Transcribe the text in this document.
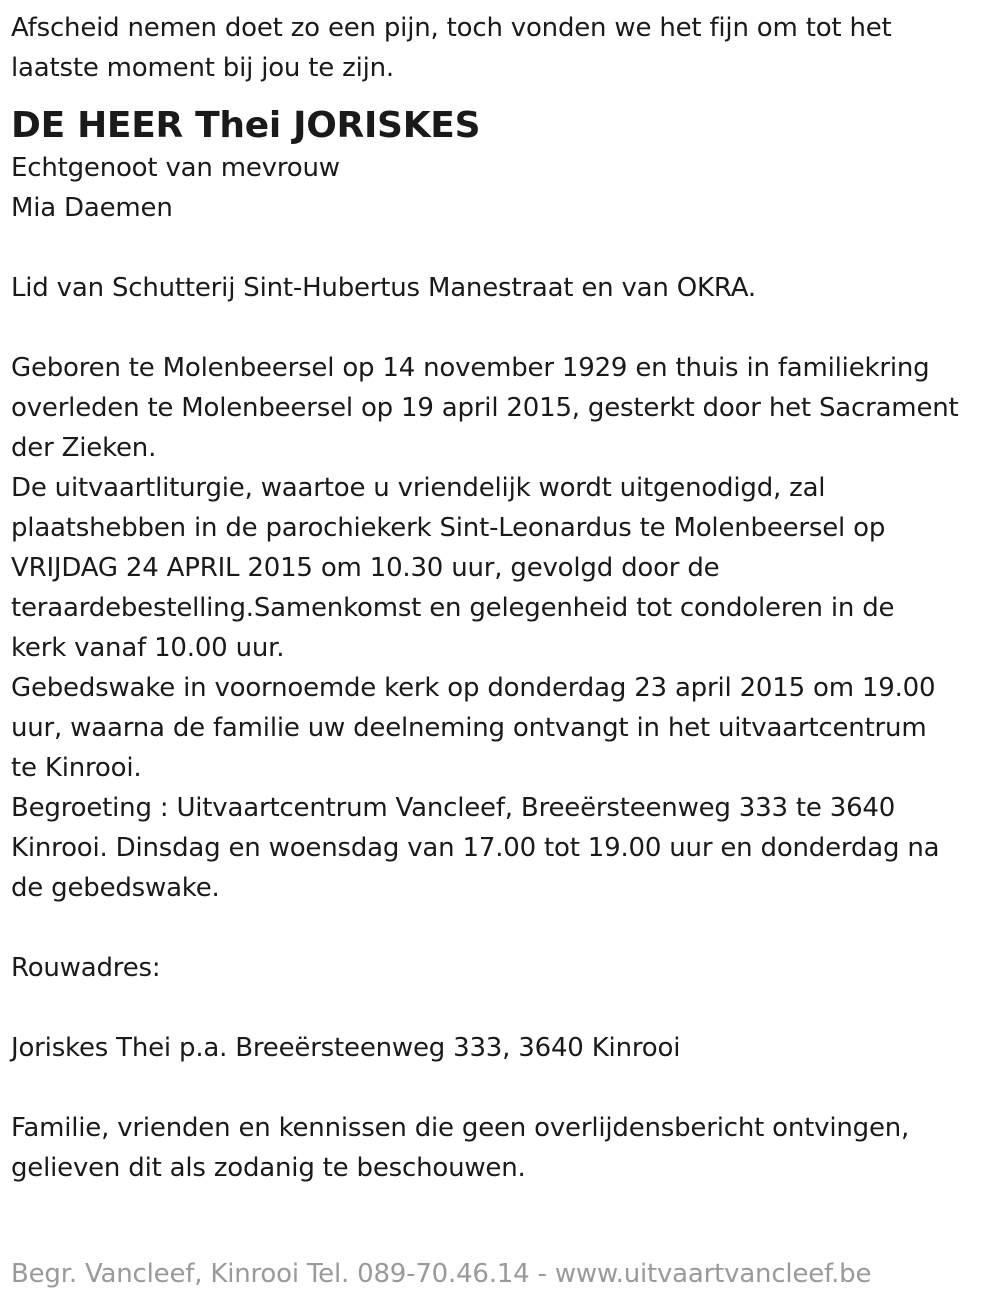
Afscheid nemen doet zo een pijn, toch vonden we het fijn om tot het

laatste moment bij jou te zijn.

DE HEER Thei JORISKES

Echtgenoot van mevrouw

Mia Daemen

Lid van Schutterij Sint-Hubertus Manestraat en van OKRA.

Geboren te Molenbeersel op 14 november 1929 en thuis in familiekring

overleden te Molenbeersel op 19 april 2015, gesterkt door het Sacrament

der Zieken.

De uitvaartliturgie, waartoe u vriendelijk wordt uitgenodigd, zal

plaatshebben in de parochiekerk Sint-Leonardus te Molenbeersel op

VRIJDAG 24 APRIL 2015 om 10.30 uur, gevolgd door de

teraardebestelling.Samenkomst en gelegenheid tot condoleren in de

kerk vanaf 10.00 uur.

Gebedswake in voornoemde kerk op donderdag 23 april 2015 om 19.00

uur, waarna de familie uw deelneming ontvangt in het uitvaartcentrum

te Kinrooi.

Begroeting : Uitvaartcentrum Vancleef, Breeërsteenweg 333 te 3640

Kinrooi. Dinsdag en woensdag van 17.00 tot 19.00 uur en donderdag na

de gebedswake.

Rouwadres:

Joriskes Thei p.a. Breeërsteenweg 333, 3640 Kinrooi

Familie, vrienden en kennissen die geen overlijdensbericht ontvingen,

gelieven dit als zodanig te beschouwen.

Begr. Vancleef, Kinrooi Tel. 089-70.46.14 - www.uitvaartvancleef.be
